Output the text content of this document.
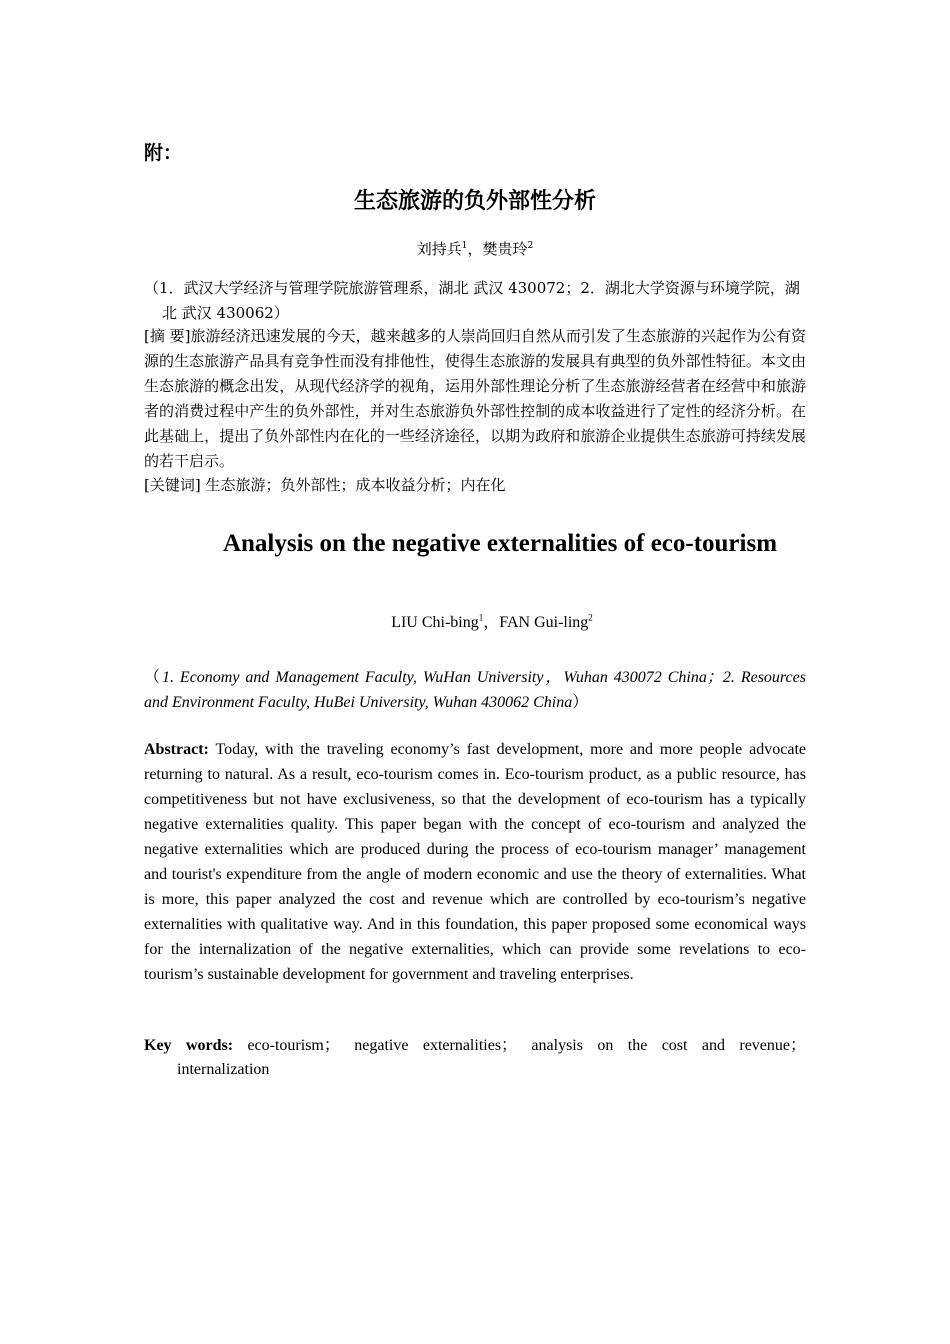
附：
生态旅游的负外部性分析
刘持兵$^1$，樊贵玲$^2$
（1．武汉大学经济与管理学院旅游管理系，湖北 武汉 430072；2．湖北大学资源与环境学院，湖北 武汉 430062）
[摘 要]旅游经济迅速发展的今天，越来越多的人崇尚回归自然从而引发了生态旅游的兴起作为公有资源的生态旅游产品具有竞争性而没有排他性，使得生态旅游的发展具有典型的负外部性特征。本文由生态旅游的概念出发，从现代经济学的视角，运用外部性理论分析了生态旅游经营者在经营中和旅游者的消费过程中产生的负外部性，并对生态旅游负外部性控制的成本收益进行了定性的经济分析。在此基础上，提出了负外部性内在化的一些经济途径，以期为政府和旅游企业提供生态旅游可持续发展的若干启示。
[关键词] 生态旅游；负外部性；成本收益分析；内在化
Analysis on the negative externalities of eco-tourism
LIU Chi-bing$^1$，FAN Gui-ling$^2$
（1. Economy and Management Faculty, WuHan University，Wuhan 430072 China；2. Resources and Environment Faculty, HuBei University, Wuhan 430062 China）
Abstract: Today, with the traveling economy’s fast development, more and more people advocate returning to natural. As a result, eco-tourism comes in. Eco-tourism product, as a public resource, has competitiveness but not have exclusiveness, so that the development of eco-tourism has a typically negative externalities quality. This paper began with the concept of eco-tourism and analyzed the negative externalities which are produced during the process of eco-tourism manager’ management and tourist's expenditure from the angle of modern economic and use the theory of externalities. What is more, this paper analyzed the cost and revenue which are controlled by eco-tourism’s negative externalities with qualitative way. And in this foundation, this paper proposed some economical ways for the internalization of the negative externalities, which can provide some revelations to eco-tourism’s sustainable development for government and traveling enterprises.
Key words: eco-tourism； negative externalities； analysis on the cost and revenue；internalization
